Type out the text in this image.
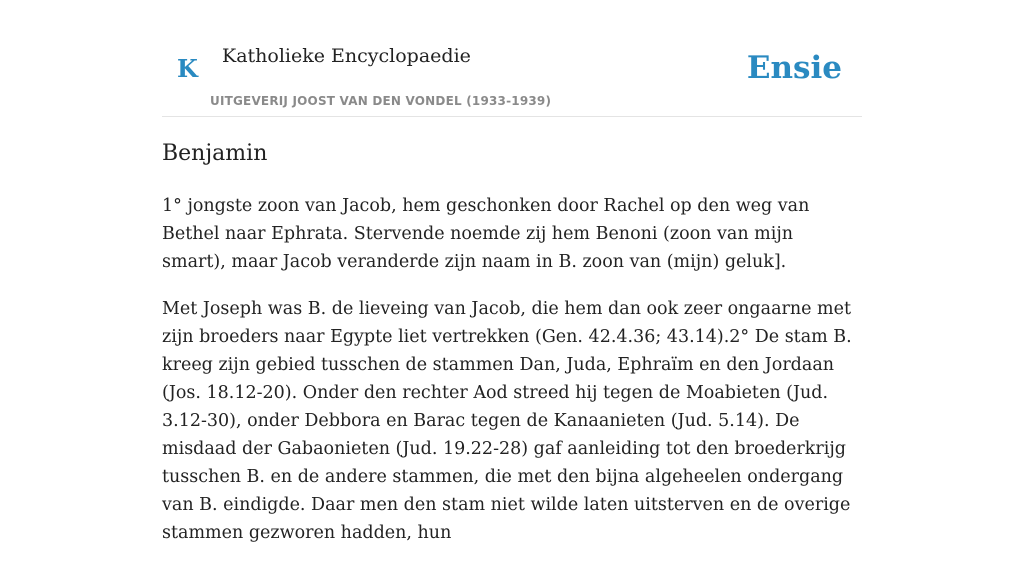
K Katholieke Encyclopaedie
UITGEVERIJ JOOST VAN DEN VONDEL (1933-1939)
Ensie
Benjamin

1° jongste zoon van Jacob, hem geschonken door Rachel op den weg van Bethel naar Ephrata. Stervende noemde zij hem Benoni (zoon van mijn smart), maar Jacob veranderde zijn naam in B. zoon van (mijn) geluk].

Met Joseph was B. de lieveing van Jacob, die hem dan ook zeer ongaarne met zijn broeders naar Egypte liet vertrekken (Gen. 42.4.36; 43.14).2° De stam B. kreeg zijn gebied tusschen de stammen Dan, Juda, Ephraïm en den Jordaan (Jos. 18.12-20). Onder den rechter Aod streed hij tegen de Moabieten (Jud. 3.12-30), onder Debbora en Barac tegen de Kanaanieten (Jud. 5.14). De misdaad der Gabaonieten (Jud. 19.22-28) gaf aanleiding tot den broederkrijg tusschen B. en de andere stammen, die met den bijna algeheelen ondergang van B. eindigde. Daar men den stam niet wilde laten uitsterven en de overige stammen gezworen hadden, hun
